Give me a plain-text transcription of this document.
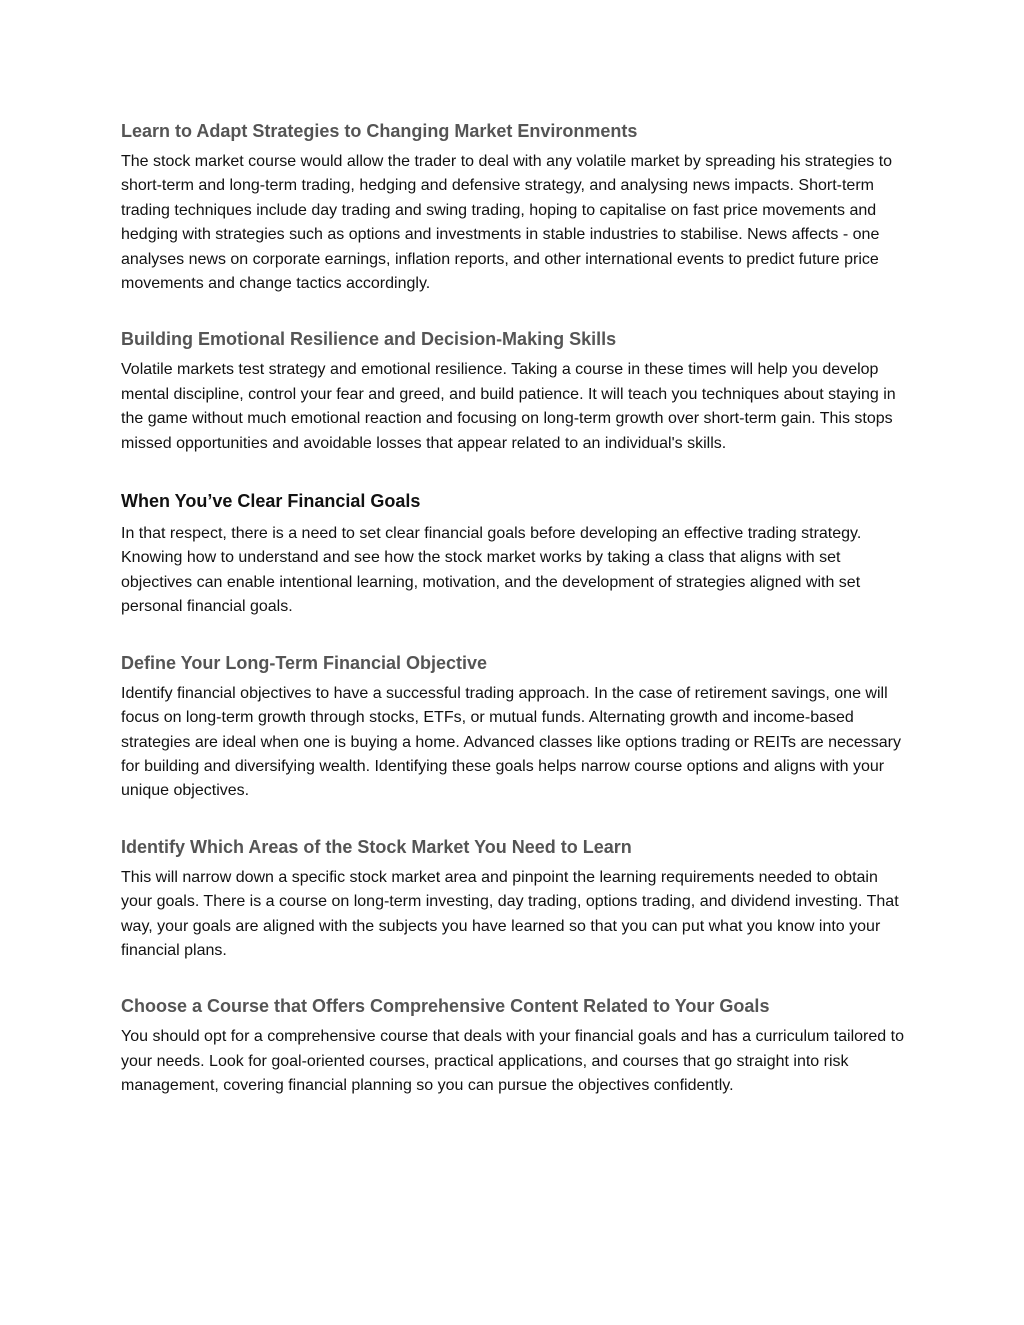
Learn to Adapt Strategies to Changing Market Environments

The stock market course would allow the trader to deal with any volatile market by spreading his strategies to short-term and long-term trading, hedging and defensive strategy, and analysing news impacts. Short-term trading techniques include day trading and swing trading, hoping to capitalise on fast price movements and hedging with strategies such as options and investments in stable industries to stabilise. News affects - one analyses news on corporate earnings, inflation reports, and other international events to predict future price movements and change tactics accordingly.

Building Emotional Resilience and Decision-Making Skills

Volatile markets test strategy and emotional resilience. Taking a course in these times will help you develop mental discipline, control your fear and greed, and build patience. It will teach you techniques about staying in the game without much emotional reaction and focusing on long-term growth over short-term gain. This stops missed opportunities and avoidable losses that appear related to an individual's skills.

When You’ve Clear Financial Goals

In that respect, there is a need to set clear financial goals before developing an effective trading strategy. Knowing how to understand and see how the stock market works by taking a class that aligns with set objectives can enable intentional learning, motivation, and the development of strategies aligned with set personal financial goals.

Define Your Long-Term Financial Objective

Identify financial objectives to have a successful trading approach. In the case of retirement savings, one will focus on long-term growth through stocks, ETFs, or mutual funds. Alternating growth and income-based strategies are ideal when one is buying a home. Advanced classes like options trading or REITs are necessary for building and diversifying wealth. Identifying these goals helps narrow course options and aligns with your unique objectives.

Identify Which Areas of the Stock Market You Need to Learn

This will narrow down a specific stock market area and pinpoint the learning requirements needed to obtain your goals. There is a course on long-term investing, day trading, options trading, and dividend investing. That way, your goals are aligned with the subjects you have learned so that you can put what you know into your financial plans.

Choose a Course that Offers Comprehensive Content Related to Your Goals

You should opt for a comprehensive course that deals with your financial goals and has a curriculum tailored to your needs. Look for goal-oriented courses, practical applications, and courses that go straight into risk management, covering financial planning so you can pursue the objectives confidently.
